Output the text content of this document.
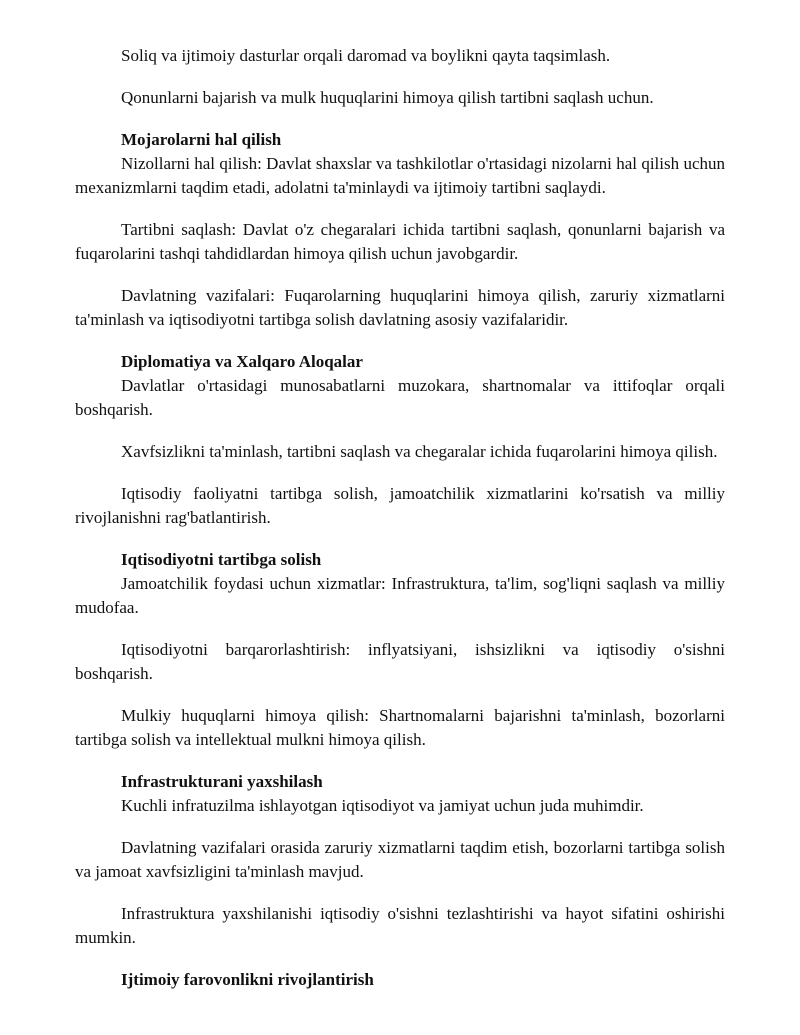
Soliq va ijtimoiy dasturlar orqali daromad va boylikni qayta taqsimlash.

Qonunlarni bajarish va mulk huquqlarini himoya qilish tartibni saqlash uchun.

Mojarolarni hal qilish

Nizollarni hal qilish: Davlat shaxslar va tashkilotlar o'rtasidagi nizolarni hal qilish uchun mexanizmlarni taqdim etadi, adolatni ta'minlaydi va ijtimoiy tartibni saqlaydi.

Tartibni saqlash: Davlat o'z chegaralari ichida tartibni saqlash, qonunlarni bajarish va fuqarolarini tashqi tahdidlardan himoya qilish uchun javobgardir.

Davlatning vazifalari: Fuqarolarning huquqlarini himoya qilish, zaruriy xizmatlarni ta'minlash va iqtisodiyotni tartibga solish davlatning asosiy vazifalaridir.

Diplomatiya va Xalqaro Aloqalar

Davlatlar o'rtasidagi munosabatlarni muzokara, shartnomalar va ittifoqlar orqali boshqarish.

Xavfsizlikni ta'minlash, tartibni saqlash va chegaralar ichida fuqarolarini himoya qilish.

Iqtisodiy faoliyatni tartibga solish, jamoatchilik xizmatlarini ko'rsatish va milliy rivojlanishni rag'batlantirish.

Iqtisodiyotni tartibga solish

Jamoatchilik foydasi uchun xizmatlar: Infrastruktura, ta'lim, sog'liqni saqlash va milliy mudofaa.

Iqtisodiyotni barqarorlashtirish: inflyatsiyani, ishsizlikni va iqtisodiy o'sishni boshqarish.

Mulkiy huquqlarni himoya qilish: Shartnomalarni bajarishni ta'minlash, bozorlarni tartibga solish va intellektual mulkni himoya qilish.

Infrastrukturani yaxshilash

Kuchli infratuzilma ishlayotgan iqtisodiyot va jamiyat uchun juda muhimdir.

Davlatning vazifalari orasida zaruriy xizmatlarni taqdim etish, bozorlarni tartibga solish va jamoat xavfsizligini ta'minlash mavjud.

Infrastruktura yaxshilanishi iqtisodiy o'sishni tezlashtirishi va hayot sifatini oshirishi mumkin.

Ijtimoiy farovonlikni rivojlantirish
